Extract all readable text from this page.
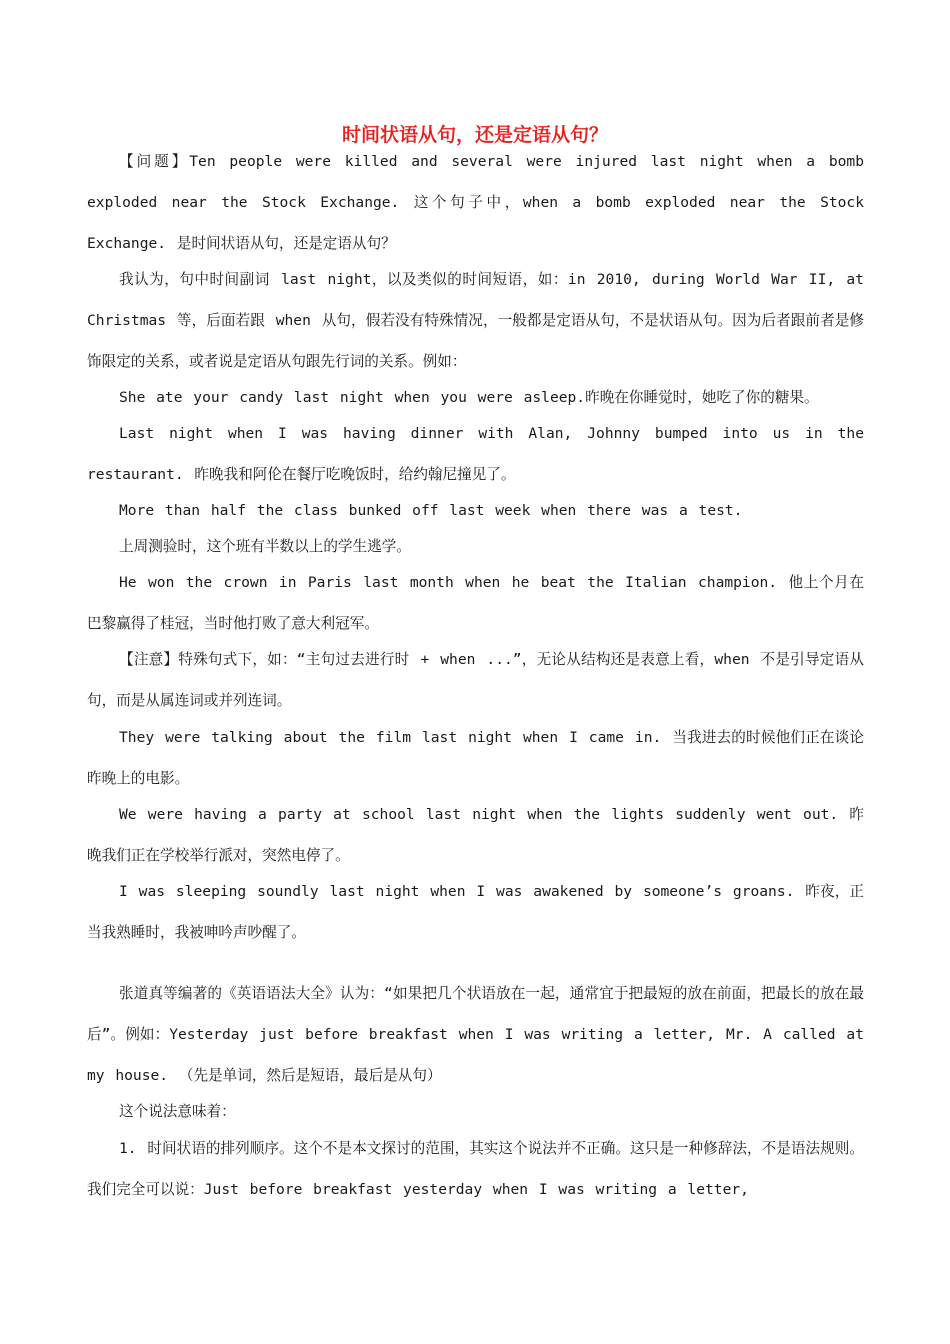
时间状语从句，还是定语从句？

【问题】Ten people were killed and several were injured last night when a bomb exploded near the Stock Exchange. 这个句子中，when a bomb exploded near the Stock Exchange. 是时间状语从句，还是定语从句？

我认为，句中时间副词 last night，以及类似的时间短语，如：in 2010, during World War II, at Christmas 等，后面若跟 when 从句，假若没有特殊情况，一般都是定语从句，不是状语从句。因为后者跟前者是修饰限定的关系，或者说是定语从句跟先行词的关系。例如：

She ate your candy last night when you were asleep.昨晚在你睡觉时，她吃了你的糖果。

Last night when I was having dinner with Alan, Johnny bumped into us in the restaurant. 昨晚我和阿伦在餐厅吃晚饭时，给约翰尼撞见了。

More than half the class bunked off last week when there was a test.

上周测验时，这个班有半数以上的学生逃学。

He won the crown in Paris last month when he beat the Italian champion. 他上个月在巴黎赢得了桂冠，当时他打败了意大利冠军。

【注意】特殊句式下，如：“主句过去进行时 + when ...”，无论从结构还是表意上看，when 不是引导定语从句，而是从属连词或并列连词。

They were talking about the film last night when I came in. 当我进去的时候他们正在谈论昨晚上的电影。

We were having a party at school last night when the lights suddenly went out. 昨晚我们正在学校举行派对，突然电停了。

I was sleeping soundly last night when I was awakened by someone’s groans. 昨夜，正当我熟睡时，我被呻吟声吵醒了。

张道真等编著的《英语语法大全》认为：“如果把几个状语放在一起，通常宜于把最短的放在前面，把最长的放在最后”。例如：Yesterday just before breakfast when I was writing a letter, Mr. A called at my house. （先是单词，然后是短语，最后是从句）

这个说法意味着：

1. 时间状语的排列顺序。这个不是本文探讨的范围，其实这个说法并不正确。这只是一种修辞法，不是语法规则。我们完全可以说：Just before breakfast yesterday when I was writing a letter,
